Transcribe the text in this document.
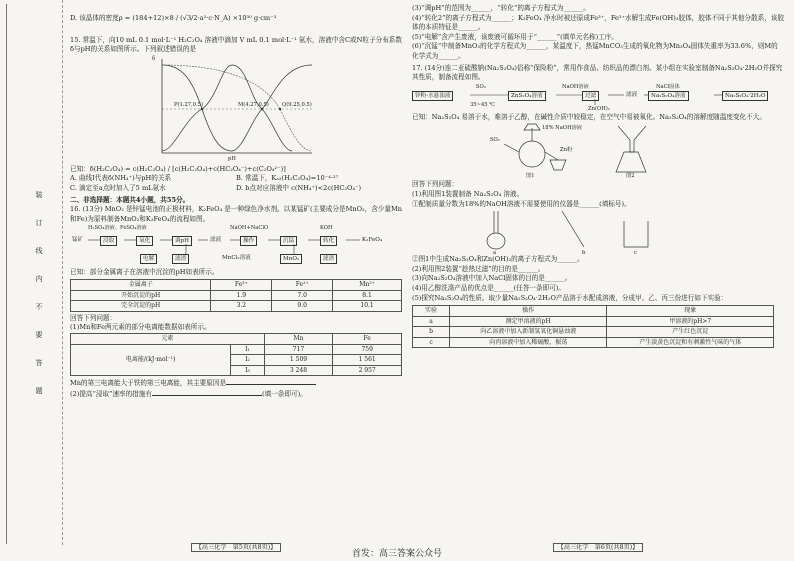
装
订
线
内
不
要
答
题

D. 该晶体的密度ρ = (184+12)×8 / (√3/2·a²·c·N_A) ×10³⁰ g·cm⁻³

15. 常温下，向10 mL 0.1 mol·L⁻¹ H₂C₂O₄ 溶液中滴加 V mL 0.1 mol·L⁻¹ 氨水，溶液中含C或N粒子分布系数δ与pH的关系如图所示。下列叙述错误的是

δ
pH
P(1.27,0.5)	M(4.27,0.5)	Q(9.25,0.5)

已知：δ(H₂C₂O₄) = c(H₂C₂O₄) / [c(H₂C₂O₄)+c(HC₂O₄⁻)+c(C₂O₄²⁻)]

A. 曲线Ⅰ代表δ(NH₄⁺)与pH的关系	B. 常温下，Kₐ₂(H₂C₂O₄)=10⁻⁴·²⁷
C. 滴定至a点时加入了5 mL氨水	D. b点对应溶液中 c(NH₄⁺)<2c(HC₂O₄⁻)

二、非选择题：本题共4小题，共55分。

16. (13分) MnO₂ 是锌锰电池的正极材料，K₂FeO₄ 是一种绿色净水剂。以某锰矿(主要成分是MnO₂，含少量Mn和Fe)为原料制备MnO₂和K₂FeO₄的流程如图。

H₂SO₄溶液、FeSO₄溶液	NaOH+NaClO	KOH
锰矿	浸取	氧化	调pH	滤液	操作	沉锰	转化	K₂FeO₄
电解	滤渣	MnCl₂溶液	MnO₂	滤渣

已知：部分金属离子在溶液中沉淀的pH如表所示。

金属离子	Fe³⁺	Fe²⁺	Mn²⁺
开始沉淀的pH	1.9	7.0	8.1
完全沉淀的pH	3.2	9.0	10.1

回答下列问题：

(1)Mn和Fe两元素的部分电离能数据如表所示。

元素		Mn	Fe
电离能/(kJ·mol⁻¹)	I₁	717	759
	I₂	1 509	1 561
	I₃	3 248	2 957

Mn的第三电离能大于铁的第三电离能，其主要原因是

(2)提高“浸取”速率的措施有	(填一条即可)。

【高三化学　第5页(共8页)】

(3)“调pH”的范围为______，“转化”的离子方程式为______。

(4)“转化2”的离子方程式为______；K₂FeO₄ 净水时被还原成Fe³⁺，Fe³⁺水解生成Fe(OH)₃胶体，胶体不同于其他分散系，该胶体的本质特征是______。

(5)“电解”含产生废液，该废液可循环用于“______”(填单元名称)工序。

(6)“沉锰”中制备MnO₂的化学方程式为______，某温度下，热锰MnCO₃生成的氧化物为Mn₃O₄固体失重率为33.6%，则M的化学式为______。

17. (14分)连二亚硫酸钠(Na₂S₂O₄)俗称“保险粉”，常用作食品、纺织品的漂白剂。某小组在实验室制备Na₂S₂O₄·2H₂O并探究其性质，制备流程如图。

锌粉-水悬浊液
SO₂
35~45 ℃
ZnS₂O₄溶液
NaOH溶液
过滤
Zn(OH)₂
滤液
NaCl固体
Na₂S₂O₄溶液	Na₂S₂O₄·2H₂O

已知：Na₂S₂O₄ 易溶于水，难溶于乙醇，在碱性介质中较稳定，在空气中易被氧化。Na₂S₂O₄的溶解度随温度变化不大。

SO₂
18% NaOH溶液
Zn粉
图1	图2

回答下列问题：

(1)利用图1装置制备 Na₂S₂O₄ 溶液。

①配制质量分数为18%的NaOH溶液不需要使用的仪器是______(填标号)。

a	b	c

②图1中生成Na₂S₂O₄和Zn(OH)₂的离子方程式为______。

(2)利用图2装置“趁热过滤”的目的是______。

(3)向Na₂S₂O₄溶液中加入NaCl固体的目的是______。

(4)用乙醇洗涤产品的优点是______(任答一条即可)。

(5)探究Na₂S₂O₄的性质。取少量Na₂S₂O₄·2H₂O产品溶于水配成溶液，分成甲、乙、丙三份进行如下实验：

实验	操作	现象
a	测定甲溶液的pH	甲溶液的pH>7
b	向乙溶液中加入新制氢氧化铜悬浊液	产生红色沉淀
c	向丙溶液中加入稀硫酸，振荡	产生淡黄色沉淀和有刺激性气味的气体
【高三化学　第6页(共8页)】
首发：高三答案公众号
